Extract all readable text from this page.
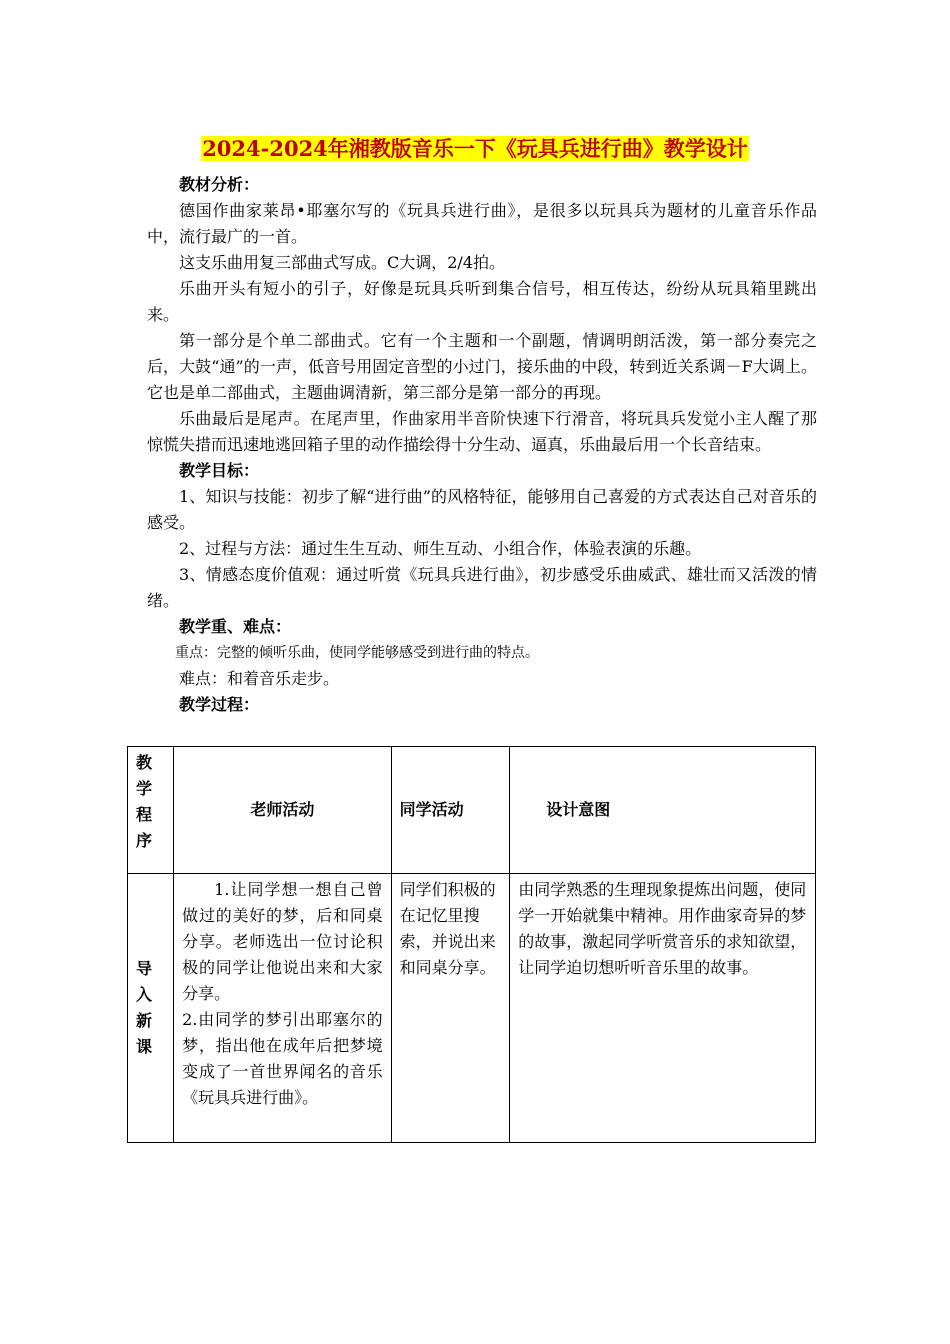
2024-2024年湘教版音乐一下《玩具兵进行曲》教学设计

教材分析：

德国作曲家莱昂•耶塞尔写的《玩具兵进行曲》，是很多以玩具兵为题材的儿童音乐作品中，流行最广的一首。

这支乐曲用复三部曲式写成。C大调，2/4拍。

乐曲开头有短小的引子，好像是玩具兵听到集合信号，相互传达，纷纷从玩具箱里跳出来。

第一部分是个单二部曲式。它有一个主题和一个副题，情调明朗活泼，第一部分奏完之后，大鼓“通”的一声，低音号用固定音型的小过门，接乐曲的中段，转到近关系调－F大调上。它也是单二部曲式，主题曲调清新，第三部分是第一部分的再现。

乐曲最后是尾声。在尾声里，作曲家用半音阶快速下行滑音，将玩具兵发觉小主人醒了那惊慌失措而迅速地逃回箱子里的动作描绘得十分生动、逼真，乐曲最后用一个长音结束。

教学目标：

1、知识与技能：初步了解“进行曲”的风格特征，能够用自己喜爱的方式表达自己对音乐的感受。

2、过程与方法：通过生生互动、师生互动、小组合作，体验表演的乐趣。

3、情感态度价值观：通过听赏《玩具兵进行曲》，初步感受乐曲威武、雄壮而又活泼的情绪。

教学重、难点：

重点：完整的倾听乐曲，使同学能够感受到进行曲的特点。

难点：和着音乐走步。

教学过程：

教学程序	老师活动	同学活动	设计意图

导入新课	1.让同学想一想自己曾做过的美好的梦，后和同桌分享。老师选出一位讨论积极的同学让他说出来和大家分享。

2.由同学的梦引出耶塞尔的梦，指出他在成年后把梦境变成了一首世界闻名的音乐《玩具兵进行曲》。	同学们积极的在记忆里搜索，并说出来和同桌分享。	由同学熟悉的生理现象提炼出问题，使同学一开始就集中精神。用作曲家奇异的梦的故事，激起同学听赏音乐的求知欲望，让同学迫切想听听音乐里的故事。
